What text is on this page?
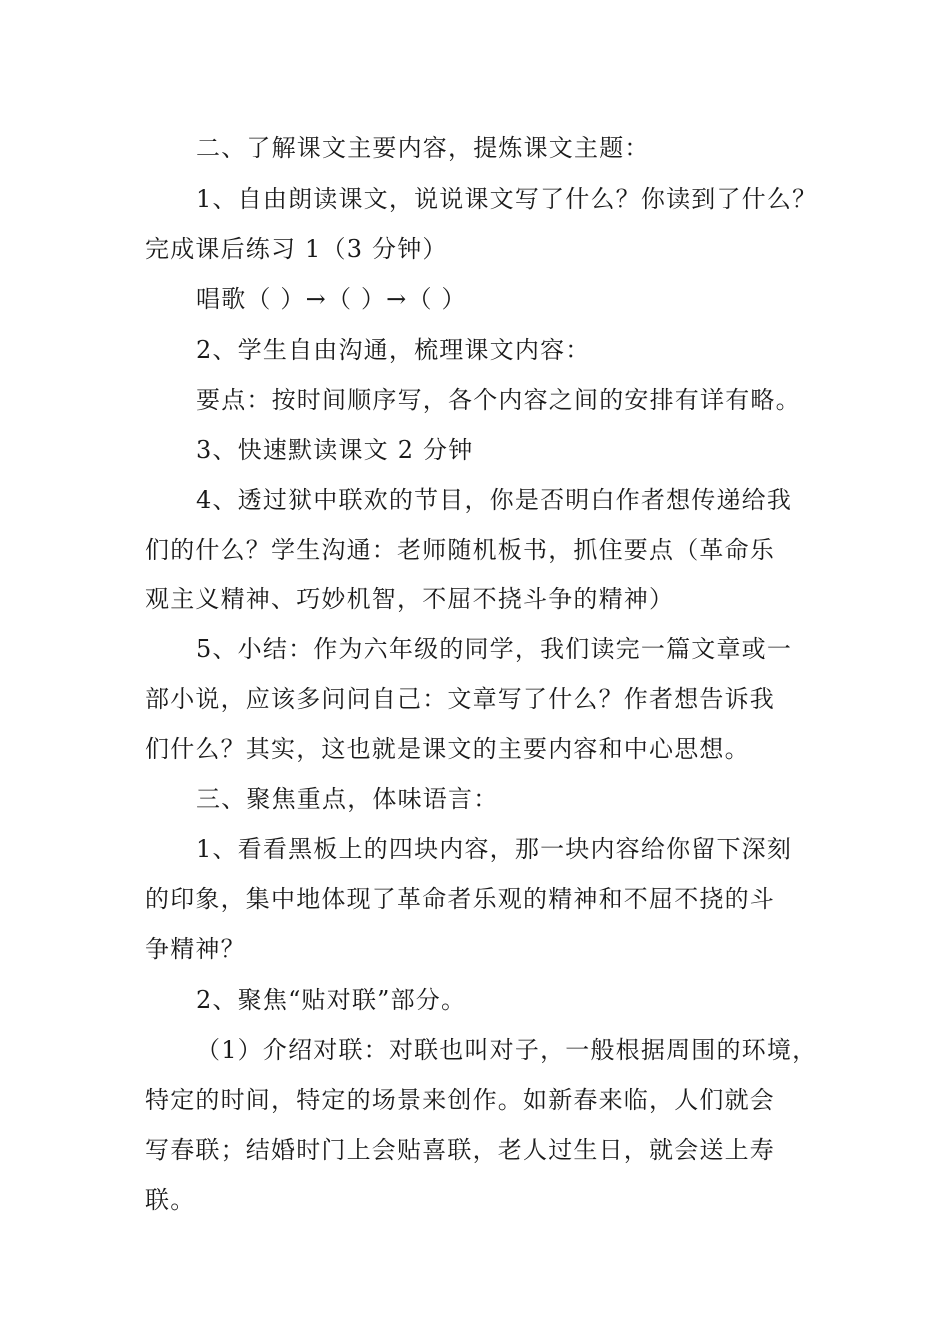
二、了解课文主要内容，提炼课文主题：
1、自由朗读课文，说说课文写了什么？你读到了什么？
完成课后练习 1（3 分钟）
唱歌（ ）→（ ）→（ ）
2、学生自由沟通，梳理课文内容：
要点：按时间顺序写，各个内容之间的安排有详有略。
3、快速默读课文 2 分钟
4、透过狱中联欢的节目，你是否明白作者想传递给我
们的什么？学生沟通：老师随机板书，抓住要点（革命乐
观主义精神、巧妙机智，不屈不挠斗争的精神）
5、小结：作为六年级的同学，我们读完一篇文章或一
部小说，应该多问问自己：文章写了什么？作者想告诉我
们什么？其实，这也就是课文的主要内容和中心思想。
三、聚焦重点，体味语言：
1、看看黑板上的四块内容，那一块内容给你留下深刻
的印象，集中地体现了革命者乐观的精神和不屈不挠的斗
争精神？
2、聚焦“贴对联”部分。
（1）介绍对联：对联也叫对子，一般根据周围的环境，
特定的时间，特定的场景来创作。如新春来临，人们就会
写春联；结婚时门上会贴喜联，老人过生日，就会送上寿
联。
